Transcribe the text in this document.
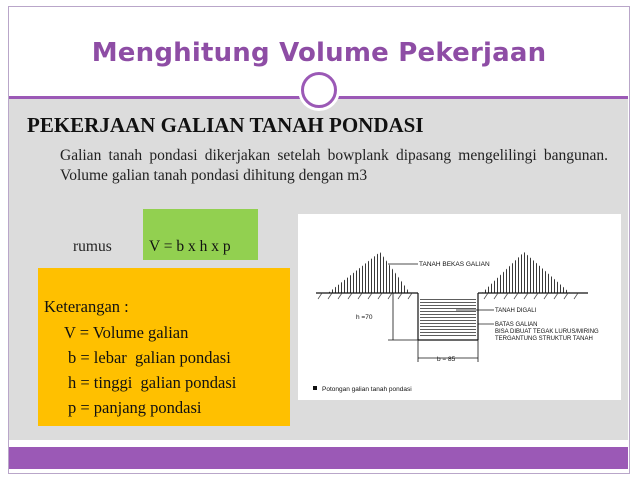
Menghitung Volume Pekerjaan
PEKERJAAN GALIAN TANAH PONDASI
Galian tanah pondasi dikerjakan setelah bowplank dipasang mengelilingi bangunan. Volume galian tanah pondasi dihitung dengan m3
rumus V = b x h x p
Keterangan :
V = Volume galian
b = lebar  galian pondasi
h = tinggi  galian pondasi
p = panjang pondasi
h =70
b = 85
TANAH BEKAS GALIAN
TANAH DIGALI
BATAS GALIAN
BISA DIBUAT TEGAK LURUS/MIRING
TERGANTUNG STRUKTUR TANAH
Potongan galian tanah pondasi
